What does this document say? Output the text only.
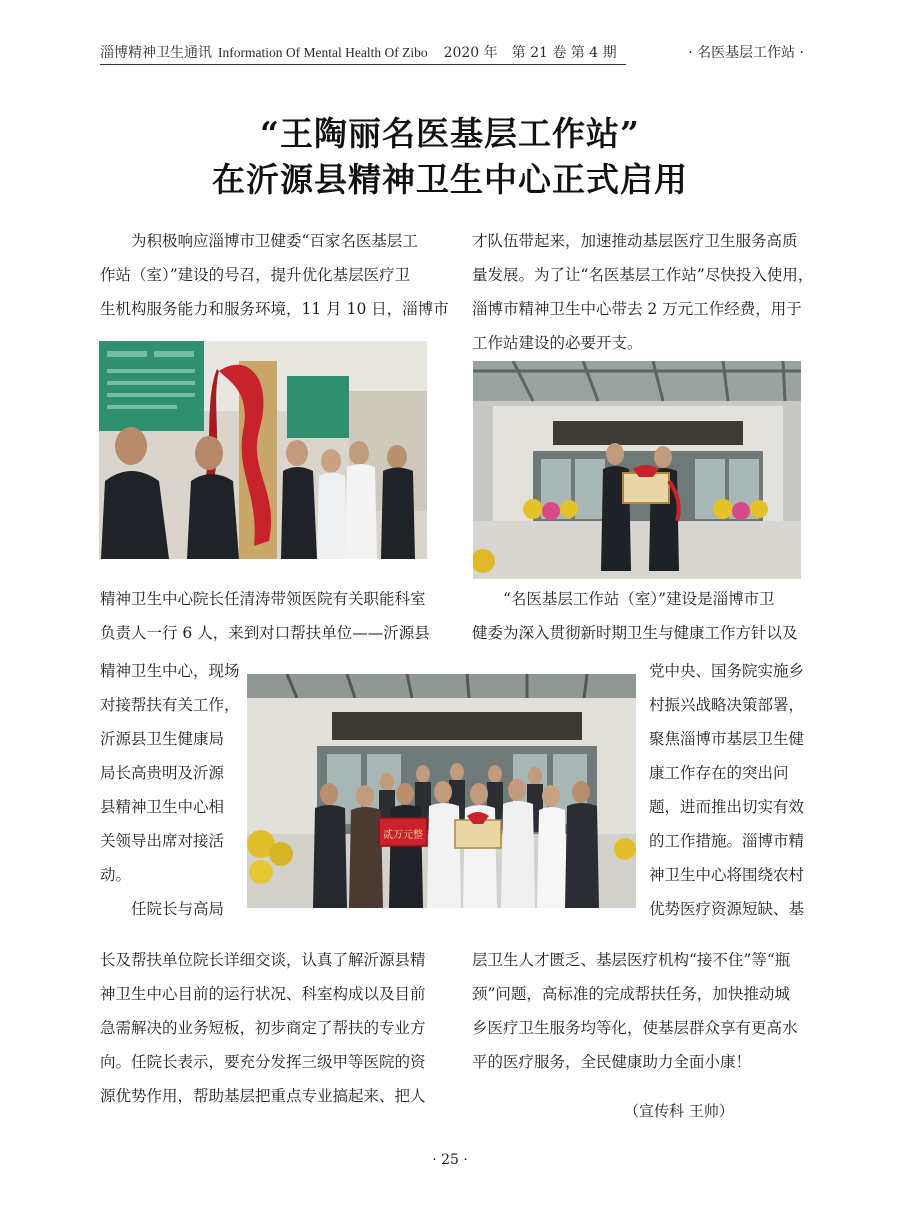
淄博精神卫生通讯 Information Of Mental Health Of Zibo 2020 年　第 21 卷 第 4 期	· 名医基层工作站 ·
“王陶丽名医基层工作站”
在沂源县精神卫生中心正式启用
　　为积极响应淄博市卫健委“百家名医基层工
作站（室）”建设的号召，提升优化基层医疗卫
生机构服务能力和服务环境，11 月 10 日，淄博市
精神卫生中心院长任清涛带领医院有关职能科室
负责人一行 6 人，来到对口帮扶单位——沂源县
精神卫生中心，现场
对接帮扶有关工作，
沂源县卫生健康局
局长高贵明及沂源
县精神卫生中心相
关领导出席对接活
动。
　　任院长与高局
长及帮扶单位院长详细交谈，认真了解沂源县精
神卫生中心目前的运行状况、科室构成以及目前
急需解决的业务短板，初步商定了帮扶的专业方
向。任院长表示，要充分发挥三级甲等医院的资
源优势作用，帮助基层把重点专业搞起来、把人
才队伍带起来，加速推动基层医疗卫生服务高质
量发展。为了让“名医基层工作站”尽快投入使用，
淄博市精神卫生中心带去 2 万元工作经费，用于
工作站建设的必要开支。
　　“名医基层工作站（室）”建设是淄博市卫
健委为深入贯彻新时期卫生与健康工作方针以及
党中央、国务院实施乡
村振兴战略决策部署，
聚焦淄博市基层卫生健
康工作存在的突出问
题，进而推出切实有效
的工作措施。淄博市精
神卫生中心将围绕农村
优势医疗资源短缺、基
贰万元整
层卫生人才匮乏、基层医疗机构“接不住”等“瓶
颈”问题，高标准的完成帮扶任务，加快推动城
乡医疗卫生服务均等化，使基层群众享有更高水
平的医疗服务，全民健康助力全面小康！
（宣传科 王帅）
· 25 ·
